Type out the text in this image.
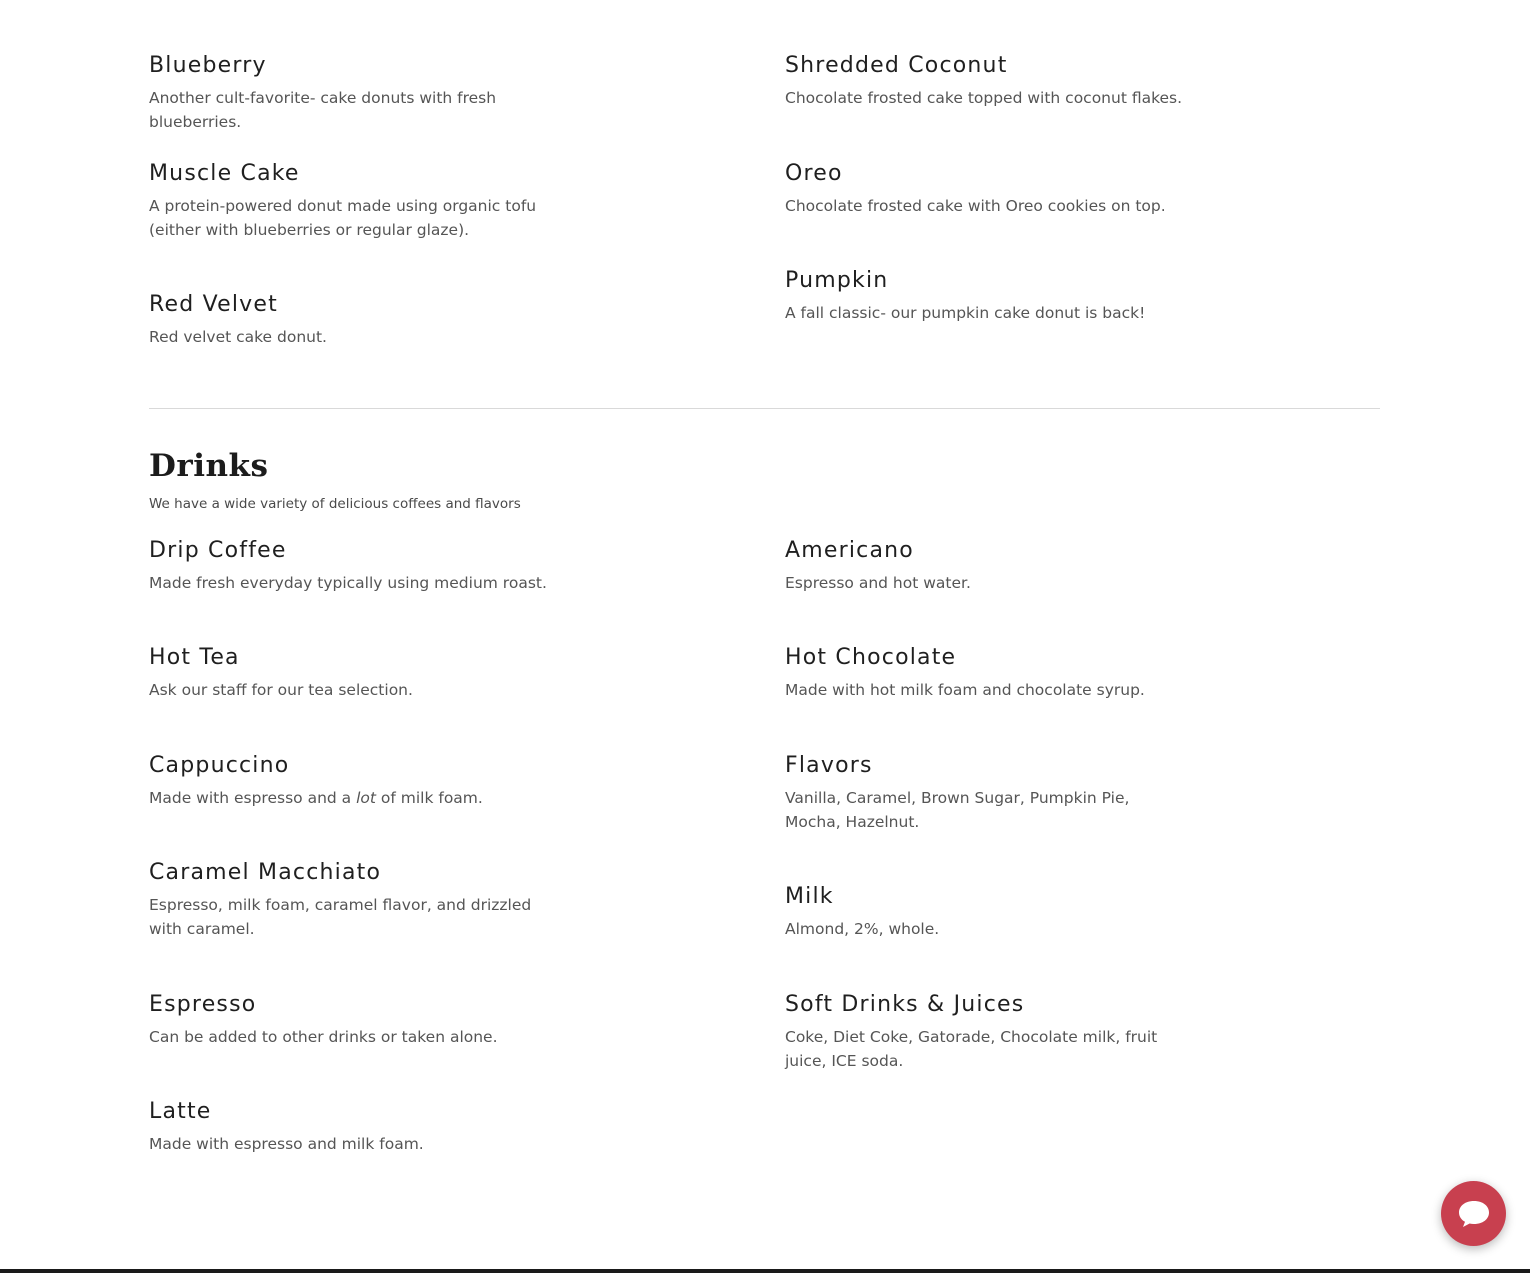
Blueberry
Another cult-favorite- cake donuts with fresh blueberries.
Muscle Cake
A protein-powered donut made using organic tofu (either with blueberries or regular glaze).
Red Velvet
Red velvet cake donut.
Shredded Coconut
Chocolate frosted cake topped with coconut flakes.
Oreo
Chocolate frosted cake with Oreo cookies on top.
Pumpkin
A fall classic- our pumpkin cake donut is back!
Drinks
We have a wide variety of delicious coffees and flavors
Drip Coffee
Made fresh everyday typically using medium roast.
Hot Tea
Ask our staff for our tea selection.
Cappuccino
Made with espresso and a lot of milk foam.
Caramel Macchiato
Espresso, milk foam, caramel flavor, and drizzled with caramel.
Espresso
Can be added to other drinks or taken alone.
Latte
Made with espresso and milk foam.
Americano
Espresso and hot water.
Hot Chocolate
Made with hot milk foam and chocolate syrup.
Flavors
Vanilla, Caramel, Brown Sugar, Pumpkin Pie, Mocha, Hazelnut.
Milk
Almond, 2%, whole.
Soft Drinks & Juices
Coke, Diet Coke, Gatorade, Chocolate milk, fruit juice, ICE soda.
